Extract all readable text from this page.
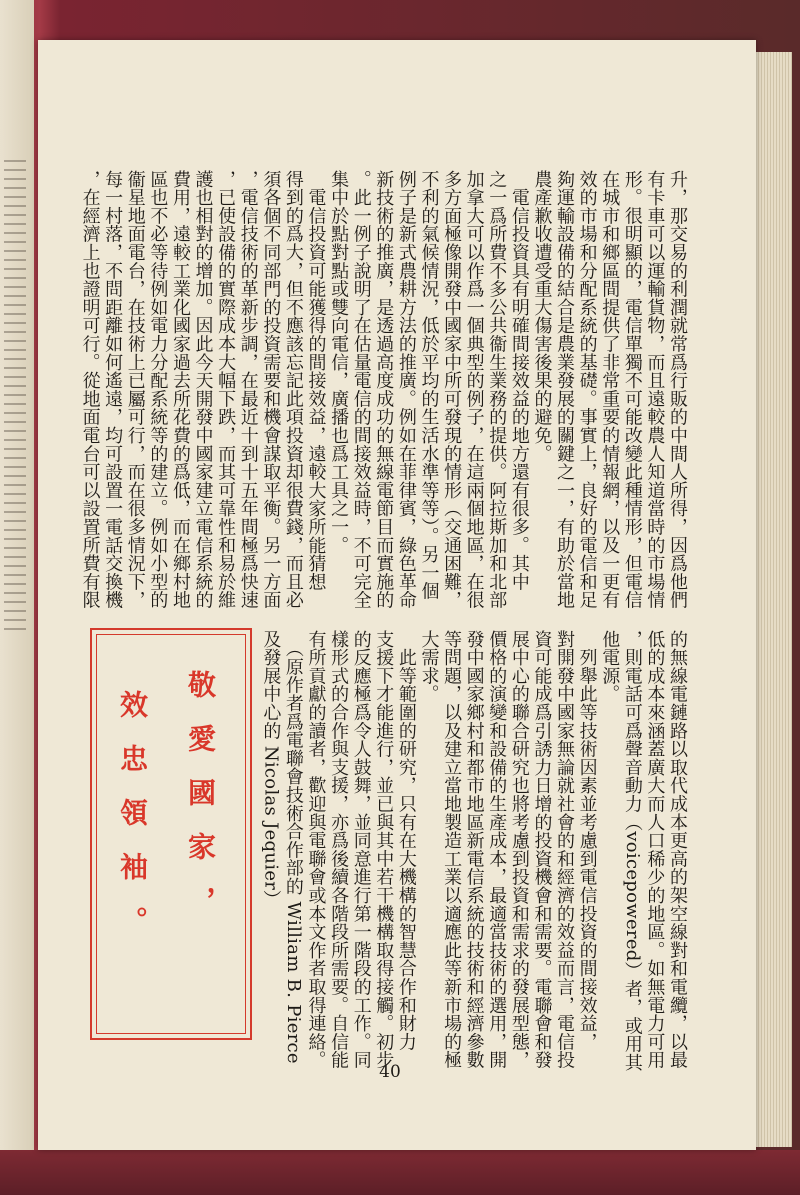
升，那交易的利潤就常爲行販的中間人所得，因爲他們
有卡車可以運輸貨物，而且遠較農人知道當時的市場情
形。很明顯的，電信單獨不可能改變此種情形，但電信
在城市和鄉區間提供了非常重要的情報網，以及一更有
效的市場和分配系統的基礎。事實上，良好的電信和足
夠運輸設備的結合是農業發展的關鍵之一，有助於當地
農產歉收遭受重大傷害後果的避免。
　電信投資具有明確間接效益的地方還有很多。其中
之一爲所費不多公共衞生業務的提供。阿拉斯加和北部
加拿大可以作爲一個典型的例子，在這兩個地區，在很
多方面極像開發中國家中所可發現的情形（交通困難，
不利的氣候情況，低於平均的生活水準等等）。另一個
例子是新式農耕方法的推廣。例如在菲律賓，綠色革命
新技術的推廣，是透過高度成功的無線電節目而實施的
。此一例子說明了在估量電信的間接效益時，不可完全
集中於點對點或雙向電信，廣播也爲工具之一。
　電信投資可能獲得的間接效益，遠較大家所能猜想
得到的爲大，但不應該忘記此項投資却很費錢，而且必
須各個不同部門的投資需要和機會謀取平衡。另一方面
，電信技術的革新步調，在最近十到十五年間極爲快速
，已使設備的實際成本大幅下跌，而其可靠性和易於維
護也相對的增加。因此今天開發中國家建立電信系統的
費用，遠較工業化國家過去所花費的爲低，而在鄉村地
區也不必等待例如電力分配系統等的建立。例如小型的
衞星地面電台，在技術上已屬可行，而在很多情況下，
每一村落，不問距離如何遙遠，均可設置一電話交換機
，在經濟上也證明可行。從地面電台可以設置所費有限
的無線電鏈路以取代成本更高的架空線對和電纜，以最
低的成本來涵蓋廣大而人口稀少的地區。如無電力可用
，則電話可爲聲音動力（voicepowered）者，或用其
他電源。
　列舉此等技術因素並考慮到電信投資的間接效益，
對開發中國家無論就社會的和經濟的效益而言，電信投
資可能成爲引誘力日增的投資機會和需要。電聯會和發
展中心的聯合研究也將考慮到投資和需求的發展型態，
價格的演變和設備的生產成本，最適當技術的選用，開
發中國家鄉村和都市地區新電信系統的技術和經濟參數
等問題，以及建立當地製造工業以適應此等新市場的極
大需求。
　此等範圍的研究，只有在大機構的智慧合作和財力
支援下才能進行，並已與其中若干機構取得接觸。初步
的反應極爲令人鼓舞，並同意進行第一階段的工作。同
樣形式的合作與支援，亦爲後續各階段所需要。自信能
有所貢獻的讀者，歡迎與電聯會或本文作者取得連絡。
　（原作者爲電聯會技術合作部的 William B. Pierce
及發展中心的 Nicolas Jequier）
敬愛國家，
效忠領袖。
40
